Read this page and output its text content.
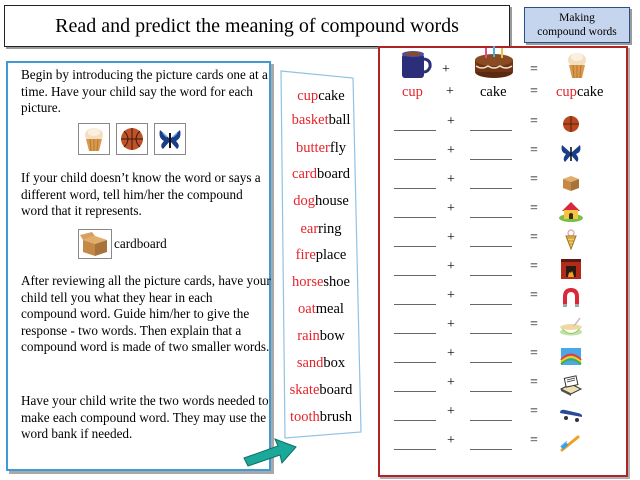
Read and predict the meaning of compound words	Making
compound words
Begin by introducing the picture cards one at a time. Have your child say the word for each picture.
If your child doesn’t know the word or says a different word, tell him/her the compound word that it represents.
cardboard
After reviewing all the picture cards, have your child tell you what they hear in each compound word. Guide him/her to give the response - two words. Then explain that a compound word is made of two smaller words.
Have your child write the two words needed to make each compound word. They may use the word bank if needed.
cupcake
basketball
butterfly
cardboard
doghouse
earring
fireplace
horseshoe
oatmeal
rainbow
sandbox
skateboard
toothbrush
+	=
cup + cake = cupcake
+	=
+	=
+	=
+	=
+	=
+	=
+	=
+	=
+	=
+	=
+	=
+	=
